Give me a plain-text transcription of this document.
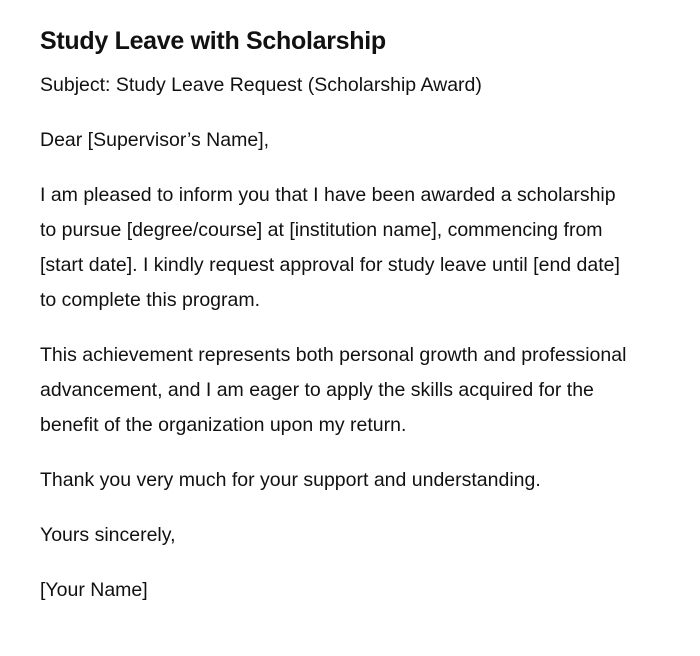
Study Leave with Scholarship

Subject: Study Leave Request (Scholarship Award)

Dear [Supervisor’s Name],

I am pleased to inform you that I have been awarded a scholarship to pursue [degree/course] at [institution name], commencing from [start date]. I kindly request approval for study leave until [end date] to complete this program.

This achievement represents both personal growth and professional advancement, and I am eager to apply the skills acquired for the benefit of the organization upon my return.

Thank you very much for your support and understanding.

Yours sincerely,

[Your Name]
